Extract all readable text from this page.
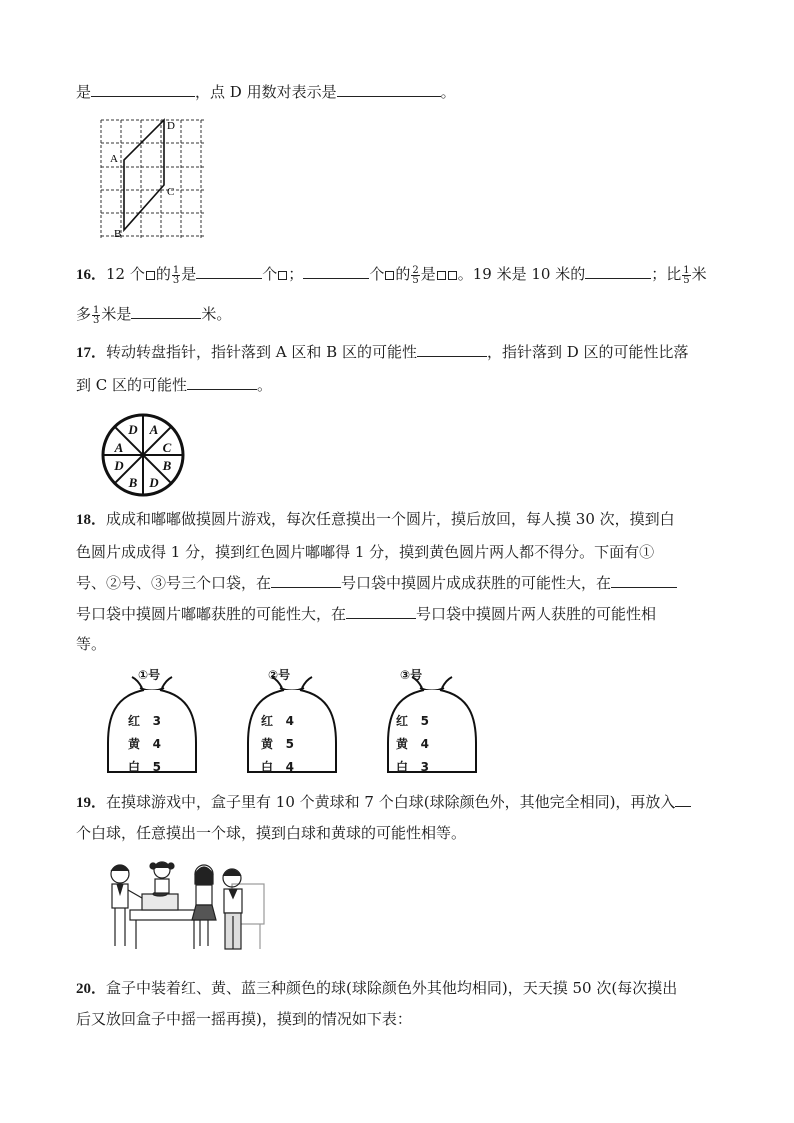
是	，点 D 用数对表示是	。
A
B
C
D
16．12 个 的 $\frac{1}{3}$ 是	个 ；	个 的 $\frac{2}{5}$ 是 。19 米是 10 米的	；比 $\frac{1}{5}$ 米
多 $\frac{1}{3}$ 米是	米。
17．转动转盘指针，指针落到 A 区和 B 区的可能性	，指针落到 D 区的可能性比落
到 C 区的可能性	。
D A
A	C
D	B
B D
18．成成和嘟嘟做摸圆片游戏，每次任意摸出一个圆片，摸后放回，每人摸 30 次，摸到白
色圆片成成得 1 分，摸到红色圆片嘟嘟得 1 分，摸到黄色圆片两人都不得分。下面有①
号、②号、③号三个口袋，在	号口袋中摸圆片成成获胜的可能性大，在
号口袋中摸圆片嘟嘟获胜的可能性大，在	号口袋中摸圆片两人获胜的可能性相
等。
①号
红 3
黄 4
白 5
②号
红 4
黄 5
白 4
③号
红 5
黄 4
白 3
19．在摸球游戏中，盒子里有 10 个黄球和 7 个白球(球除颜色外，其他完全相同)，再放入
个白球，任意摸出一个球，摸到白球和黄球的可能性相等。
20．盒子中装着红、黄、蓝三种颜色的球(球除颜色外其他均相同)，天天摸 50 次(每次摸出
后又放回盒子中摇一摇再摸)，摸到的情况如下表：
